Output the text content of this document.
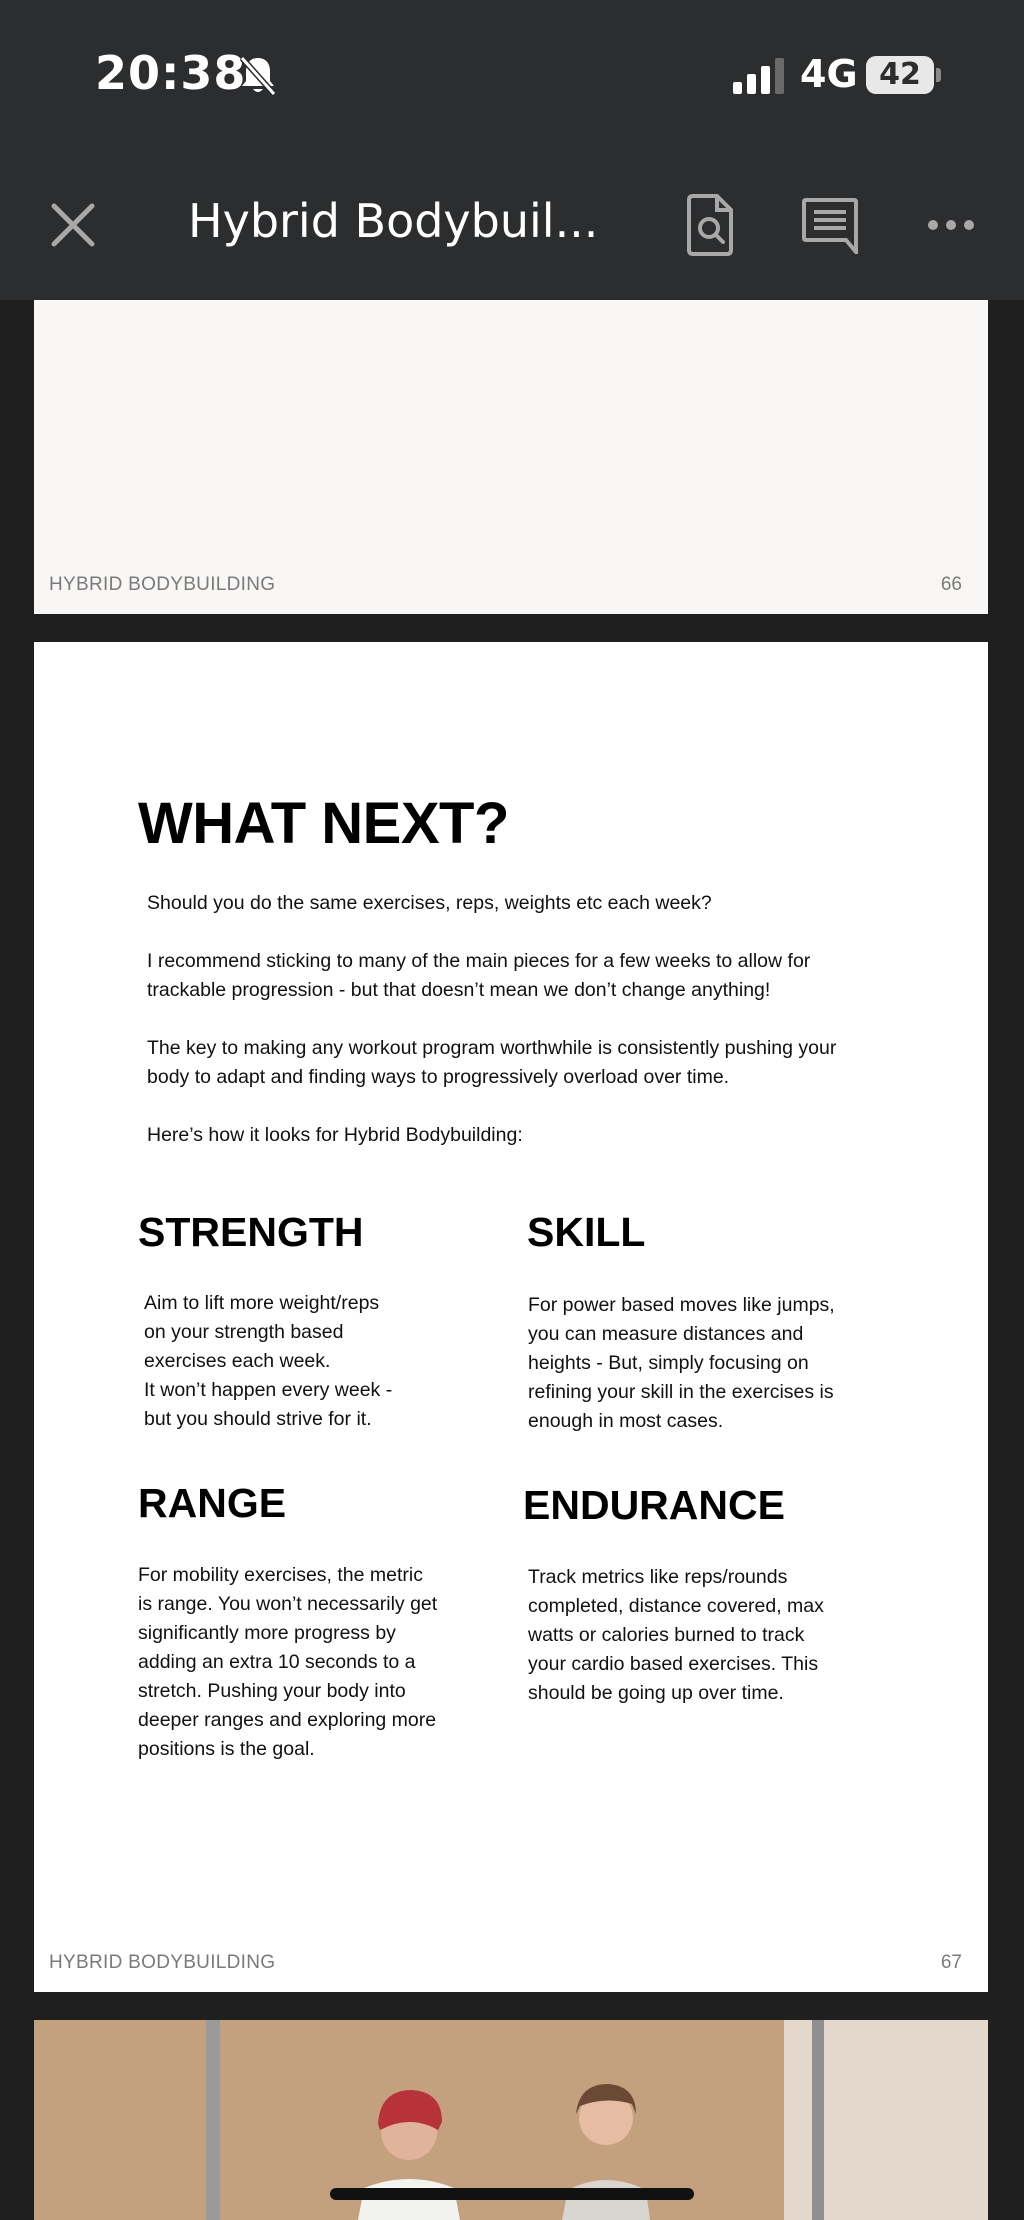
20:38	4G 42
Hybrid Bodybuil...
HYBRID BODYBUILDING	66
WHAT NEXT?

Should you do the same exercises, reps, weights etc each week?

I recommend sticking to many of the main pieces for a few weeks to allow for trackable progression - but that doesn’t mean we don’t change anything!

The key to making any workout program worthwhile is consistently pushing your body to adapt and finding ways to progressively overload over time.

Here’s how it looks for Hybrid Bodybuilding:

STRENGTH

Aim to lift more weight/reps
on your strength based
exercises each week.
It won’t happen every week -
but you should strive for it.

SKILL

For power based moves like jumps,
you can measure distances and
heights - But, simply focusing on
refining your skill in the exercises is
enough in most cases.

RANGE

For mobility exercises, the metric
is range. You won’t necessarily get
significantly more progress by
adding an extra 10 seconds to a
stretch. Pushing your body into
deeper ranges and exploring more
positions is the goal.

ENDURANCE

Track metrics like reps/rounds
completed, distance covered, max
watts or calories burned to track
your cardio based exercises. This
should be going up over time.

HYBRID BODYBUILDING	67
